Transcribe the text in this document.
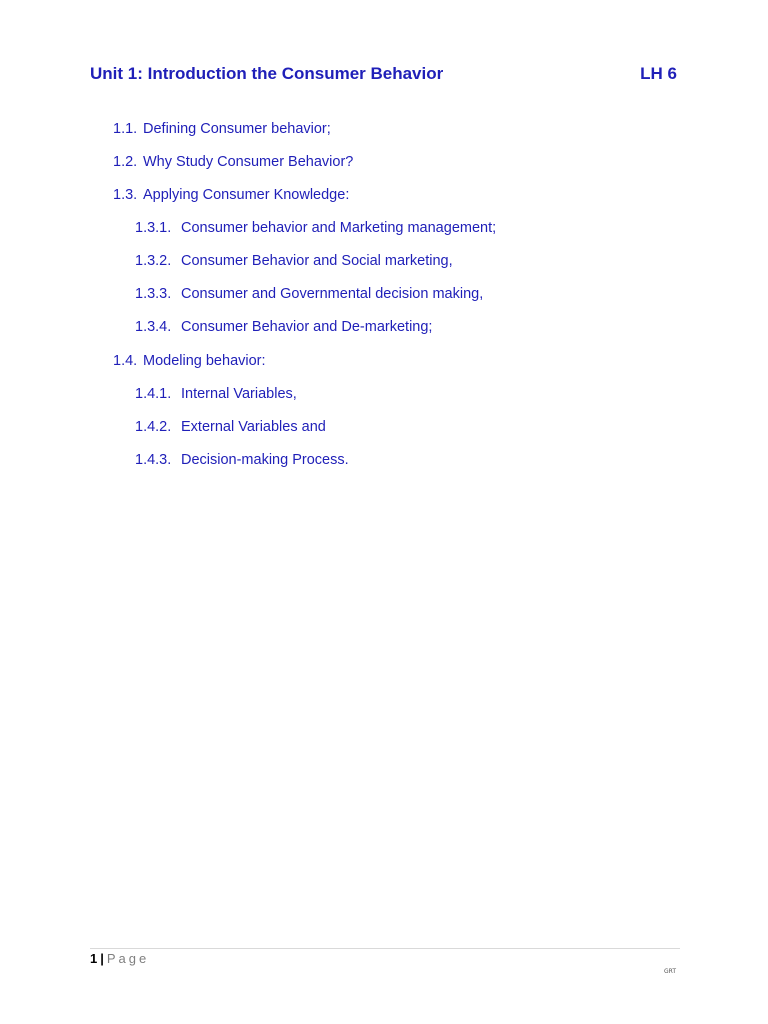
Unit 1: Introduction the Consumer Behavior	LH 6
1.1. Defining Consumer behavior;
1.2. Why Study Consumer Behavior?
1.3. Applying Consumer Knowledge:
1.3.1. Consumer behavior and Marketing management;
1.3.2. Consumer Behavior and Social marketing,
1.3.3. Consumer and Governmental decision making,
1.3.4. Consumer Behavior and De-marketing;
1.4. Modeling behavior:
1.4.1. Internal Variables,
1.4.2. External Variables and
1.4.3. Decision-making Process.
1 | Page
GRT
